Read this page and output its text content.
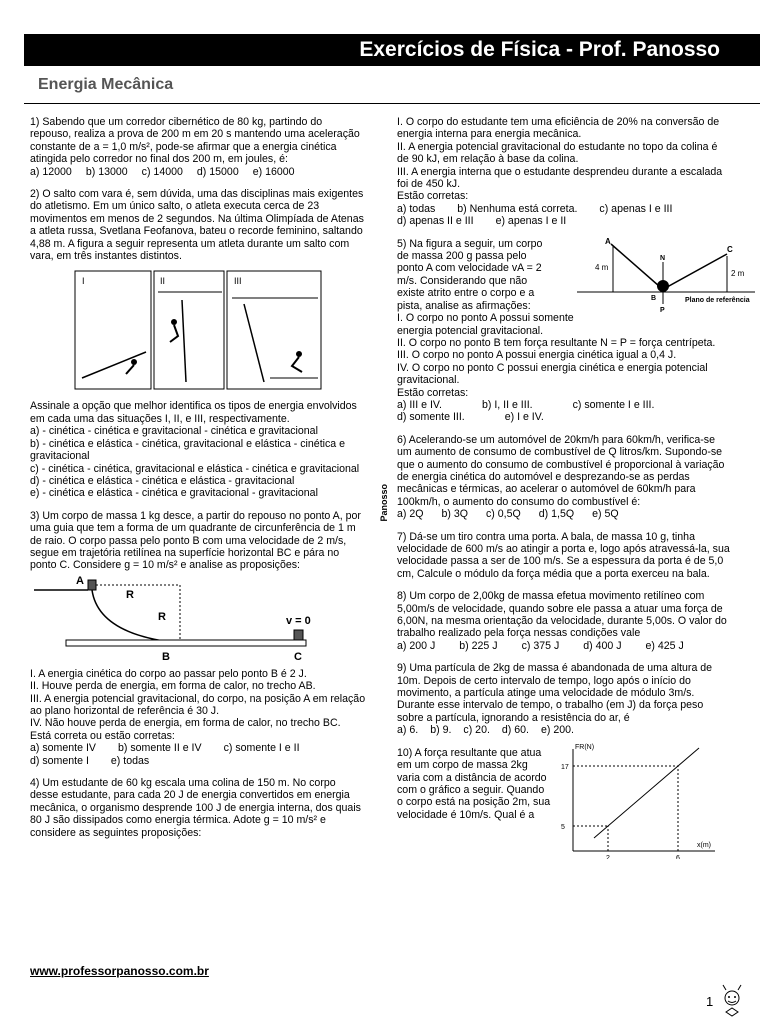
Exercícios de Física - Prof. Panosso
Energia Mecânica

1) Sabendo que um corredor cibernético de 80 kg, partindo do repouso, realiza a prova de 200 m em 20 s mantendo uma aceleração constante de a = 1,0 m/s², pode-se afirmar que a energia cinética atingida pelo corredor no final dos 200 m, em joules, é:

a) 12000 b) 13000 c) 14000 d) 15000 e) 16000

2) O salto com vara é, sem dúvida, uma das disciplinas mais exigentes do atletismo. Em um único salto, o atleta executa cerca de 23 movimentos em menos de 2 segundos. Na última Olimpíada de Atenas a atleta russa, Svetlana Feofanova, bateu o recorde feminino, saltando 4,88 m. A figura a seguir representa um atleta durante um salto com vara, em três instantes distintos.

I	II	III

Assinale a opção que melhor identifica os tipos de energia envolvidos em cada uma das situações I, II, e III, respectivamente.

a) - cinética - cinética e gravitacional - cinética e gravitacional

b) - cinética e elástica - cinética, gravitacional e elástica - cinética e gravitacional

c) - cinética - cinética, gravitacional e elástica - cinética e gravitacional

d) - cinética e elástica - cinética e elástica - gravitacional

e) - cinética e elástica - cinética e gravitacional - gravitacional

3) Um corpo de massa 1 kg desce, a partir do repouso no ponto A, por uma guia que tem a forma de um quadrante de circunferência de 1 m de raio. O corpo passa pelo ponto B com uma velocidade de 2 m/s, segue em trajetória retilínea na superfície horizontal BC e pára no ponto C. Considere g = 10 m/s² e analise as proposições:

A
R
R	v = 0
B	C

I. A energia cinética do corpo ao passar pelo ponto B é 2 J.

II. Houve perda de energia, em forma de calor, no trecho AB.

III. A energia potencial gravitacional, do corpo, na posição A em relação ao plano horizontal de referência é 30 J.

IV. Não houve perda de energia, em forma de calor, no trecho BC.

Está correta ou estão corretas:

a) somente IV b) somente II e IV c) somente I e II
d) somente I e) todas

4) Um estudante de 60 kg escala uma colina de 150 m. No corpo desse estudante, para cada 20 J de energia convertidos em energia mecânica, o organismo desprende 100 J de energia interna, dos quais 80 J são dissipados como energia térmica. Adote g = 10 m/s² e considere as seguintes proposições:

Panosso

I. O corpo do estudante tem uma eficiência de 20% na conversão de energia interna para energia mecânica.

II. A energia potencial gravitacional do estudante no topo da colina é de 90 kJ, em relação à base da colina.

III. A energia interna que o estudante desprendeu durante a escalada foi de 450 kJ.

Estão corretas:

a) todas b) Nenhuma está correta. c) apenas I e III
d) apenas II e III e) apenas I e II
A
4 m
N
P
B
C
2 m
Plano de referência

5) Na figura a seguir, um corpo de massa 200 g passa pelo ponto A com velocidade vA = 2 m/s. Considerando que não existe atrito entre o corpo e a pista, analise as afirmações:

I. O corpo no ponto A possui somente energia potencial gravitacional.

II. O corpo no ponto B tem força resultante N = P = força centrípeta.

III. O corpo no ponto A possui energia cinética igual a 0,4 J.

IV. O corpo no ponto C possui energia cinética e energia potencial gravitacional.

Estão corretas:

a) III e IV.	b) I, II e III.	c) somente I e III.
d) somente III.	e) I e IV.

6) Acelerando-se um automóvel de 20km/h para 60km/h, verifica-se um aumento de consumo de combustível de Q litros/km. Supondo-se que o aumento do consumo de combustível é proporcional à variação de energia cinética do automóvel e desprezando-se as perdas mecânicas e térmicas, ao acelerar o automóvel de 60km/h para 100km/h, o aumento do consumo do combustível é:

a) 2Q b) 3Q c) 0,5Q d) 1,5Q e) 5Q

7) Dá-se um tiro contra uma porta. A bala, de massa 10 g, tinha velocidade de 600 m/s ao atingir a porta e, logo após atravessá-la, sua velocidade passa a ser de 100 m/s. Se a espessura da porta é de 5,0 cm, Calcule o módulo da força média que a porta exerceu na bala.

8) Um corpo de 2,00kg de massa efetua movimento retilíneo com 5,00m/s de velocidade, quando sobre ele passa a atuar uma força de 6,00N, na mesma orientação da velocidade, durante 5,00s. O valor do trabalho realizado pela força nessas condições vale

a) 200 J b) 225 J c) 375 J d) 400 J e) 425 J

9) Uma partícula de 2kg de massa é abandonada de uma altura de 10m. Depois de certo intervalo de tempo, logo após o início do movimento, a partícula atinge uma velocidade de módulo 3m/s. Durante esse intervalo de tempo, o trabalho (em J) da força peso sobre a partícula, ignorando a resistência do ar, é

a) 6. b) 9. c) 20. d) 60. e) 200.

10) A força resultante que atua em um corpo de massa 2kg varia com a distância de acordo com o gráfico a seguir. Quando o corpo está na posição 2m, sua velocidade é 10m/s. Qual é a

FR(N)
x(m)
5
2
17
6
www.professorpanosso.com.br
1
